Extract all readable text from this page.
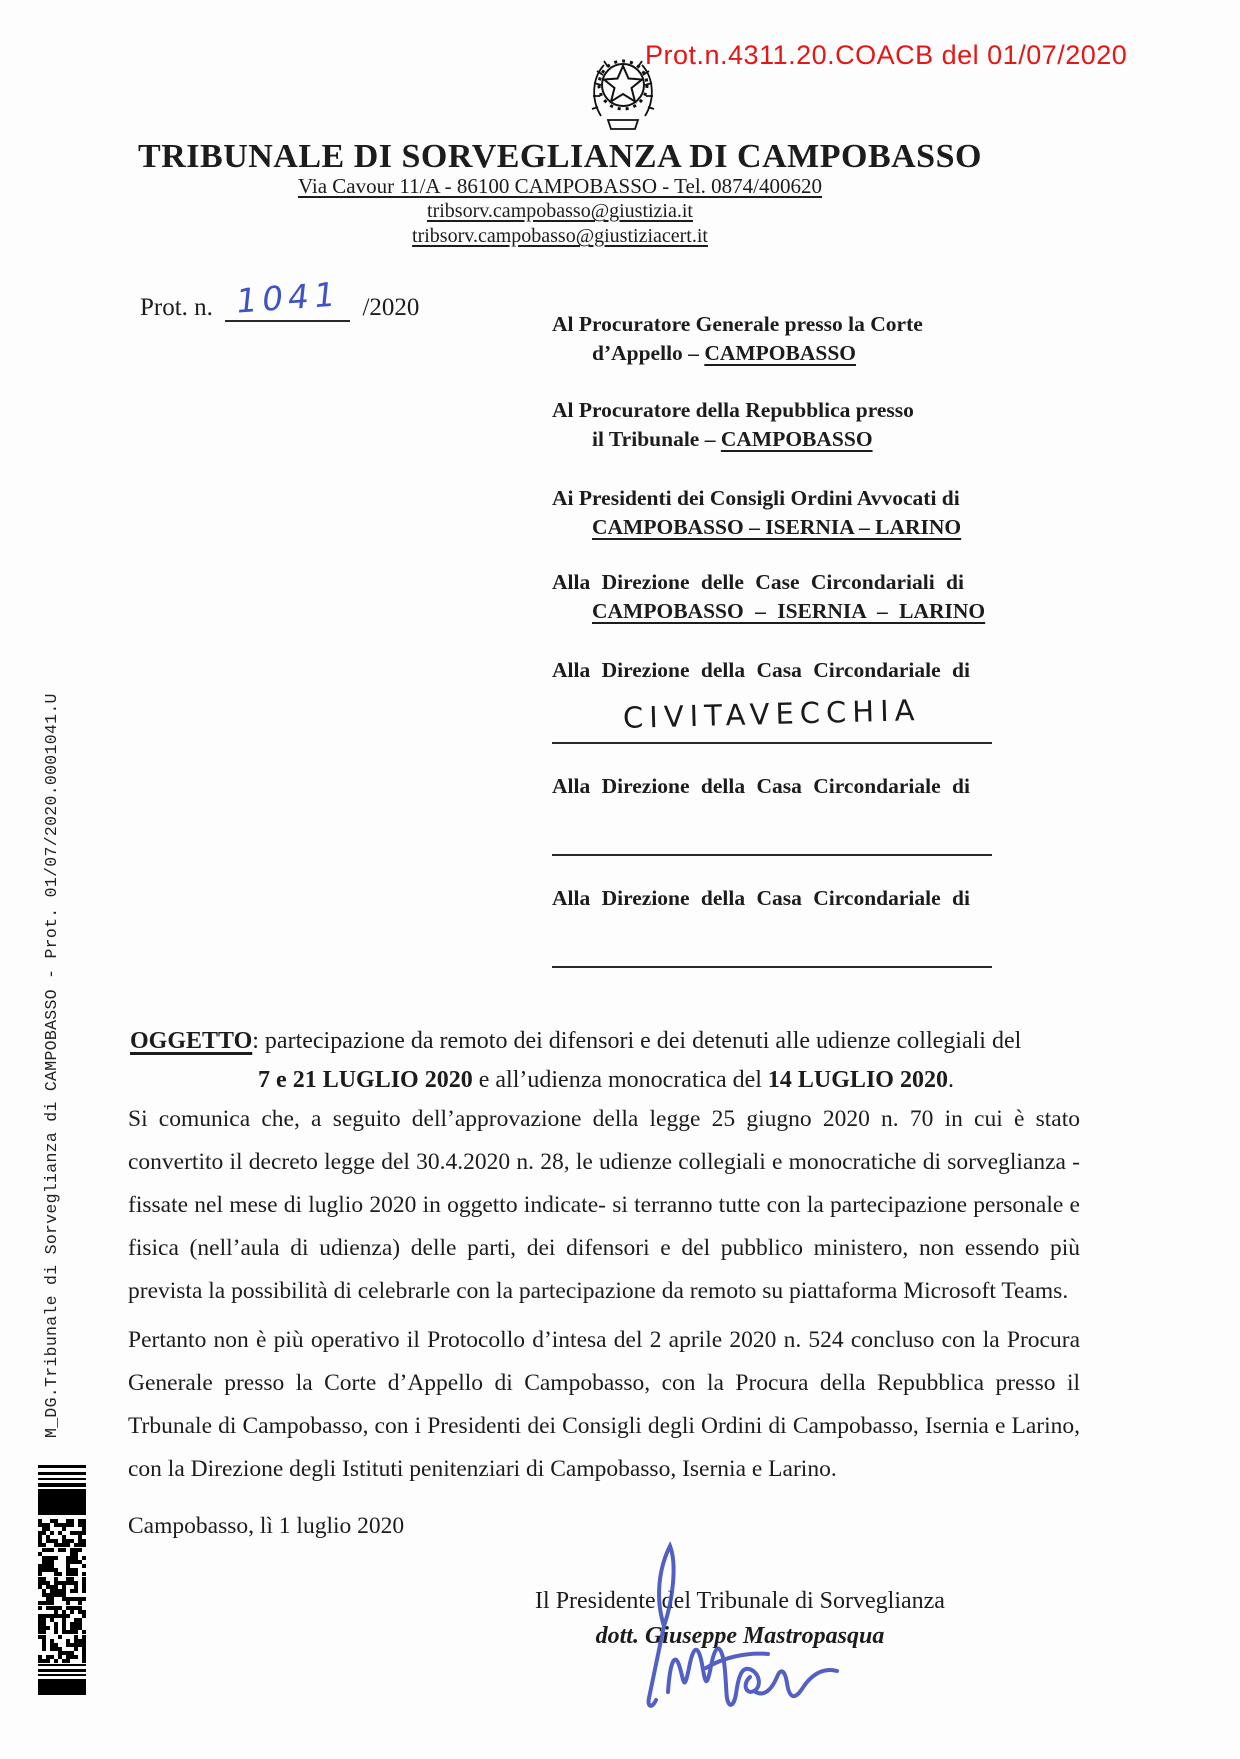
Prot.n.4311.20.COACB del 01/07/2020
TRIBUNALE DI SORVEGLIANZA DI CAMPOBASSO
Via Cavour 11/A - 86100 CAMPOBASSO - Tel. 0874/400620
tribsorv.campobasso@giustizia.it
tribsorv.campobasso@giustiziacert.it
Prot. n. 1041 /2020
Al Procuratore Generale presso la Corte
d’Appello – CAMPOBASSO
Al Procuratore della Repubblica presso
il Tribunale – CAMPOBASSO
Ai Presidenti dei Consigli Ordini Avvocati di
CAMPOBASSO – ISERNIA – LARINO
Alla Direzione delle Case Circondariali di
CAMPOBASSO – ISERNIA – LARINO
Alla Direzione della Casa Circondariale di
CIVITAVECCHIA
Alla Direzione della Casa Circondariale di
Alla Direzione della Casa Circondariale di
OGGETTO: partecipazione da remoto dei difensori e dei detenuti alle udienze collegiali del
7 e 21 LUGLIO 2020 e all’udienza monocratica del 14 LUGLIO 2020.

Si comunica che, a seguito dell’approvazione della legge 25 giugno 2020 n. 70 in cui è stato convertito il decreto legge del 30.4.2020 n. 28, le udienze collegiali e monocratiche di sorveglianza -fissate nel mese di luglio 2020 in oggetto indicate- si terranno tutte con la partecipazione personale e fisica (nell’aula di udienza) delle parti, dei difensori e del pubblico ministero, non essendo più prevista la possibilità di celebrarle con la partecipazione da remoto su piattaforma Microsoft Teams.

Pertanto non è più operativo il Protocollo d’intesa del 2 aprile 2020 n. 524 concluso con la Procura Generale presso la Corte d’Appello di Campobasso, con la Procura della Repubblica presso il Trbunale di Campobasso, con i Presidenti dei Consigli degli Ordini di Campobasso, Isernia e Larino, con la Direzione degli Istituti penitenziari di Campobasso, Isernia e Larino.

Campobasso, lì 1 luglio 2020
Il Presidente del Tribunale di Sorveglianza
dott. Giuseppe Mastropasqua
M_DG.Tribunale di Sorveglianza di CAMPOBASSO - Prot. 01/07/2020.0001041.U
